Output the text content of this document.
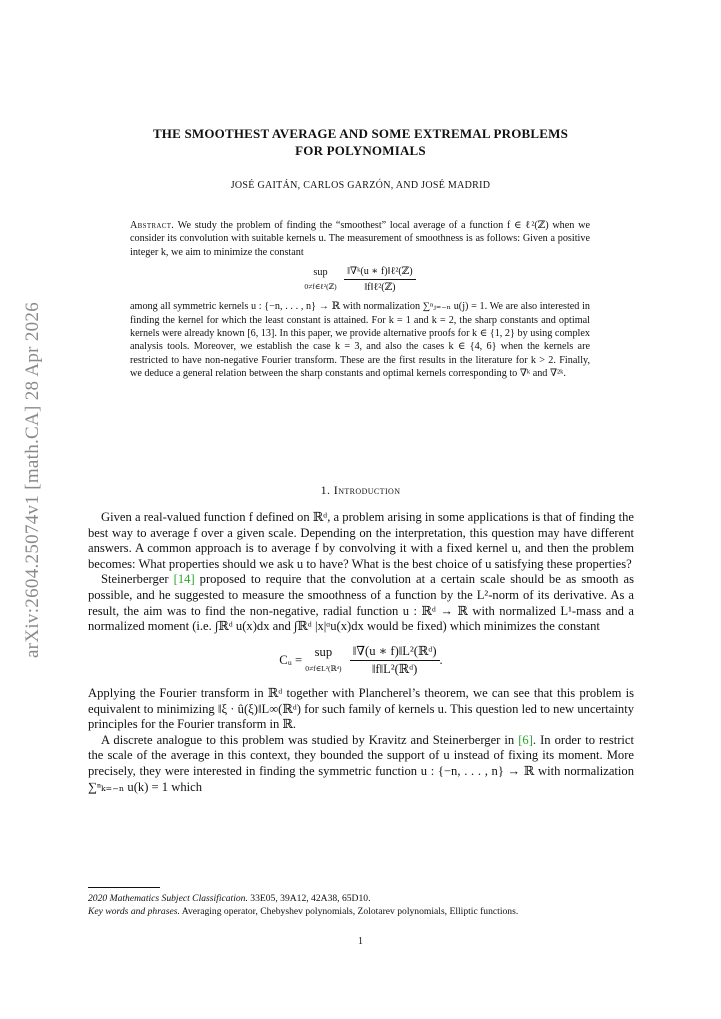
arXiv:2604.25074v1 [math.CA] 28 Apr 2026
THE SMOOTHEST AVERAGE AND SOME EXTREMAL PROBLEMS
FOR POLYNOMIALS
JOSÉ GAITÁN, CARLOS GARZÓN, AND JOSÉ MADRID
Abstract. We study the problem of finding the “smoothest” local average of a function f ∈ ℓ²(ℤ) when we consider its convolution with suitable kernels u. The measurement of smoothness is as follows: Given a positive integer k, we aim to minimize the constant
sup
0≠f∈ℓ²(ℤ)
$\frac{\text{‖∇ᵏ(u ∗ f)‖ℓ²(ℤ)}}{\text{‖f‖ℓ²(ℤ)}}$
among all symmetric kernels u : {−n, . . . , n} → ℝ with normalization ∑ⁿⱼ₌₋ₙ u(j) = 1. We are also interested in finding the kernel for which the least constant is attained. For k = 1 and k = 2, the sharp constants and optimal kernels were already known [6, 13]. In this paper, we provide alternative proofs for k ∈ {1, 2} by using complex analysis tools. Moreover, we establish the case k = 3, and also the cases k ∈ {4, 6} when the kernels are restricted to have non-negative Fourier transform. These are the first results in the literature for k > 2. Finally, we deduce a general relation between the sharp constants and optimal kernels corresponding to ∇ᵏ and ∇²ᵏ.
1. Introduction

Given a real-valued function f defined on ℝᵈ, a problem arising in some applications is that of finding the best way to average f over a given scale. Depending on the interpretation, this question may have different answers. A common approach is to average f by convolving it with a fixed kernel u, and then the problem becomes: What properties should we ask u to have? What is the best choice of u satisfying these properties?

Steinerberger [14] proposed to require that the convolution at a certain scale should be as smooth as possible, and he suggested to measure the smoothness of a function by the L²-norm of its derivative. As a result, the aim was to find the non-negative, radial function u : ℝᵈ → ℝ with normalized L¹-mass and a normalized moment (i.e. ∫ℝᵈ u(x)dx and ∫ℝᵈ |x|ᵅu(x)dx would be fixed) which minimizes the constant

Cᵤ =
sup
0≠f∈L²(ℝᵈ)
$\frac{\text{‖∇(u ∗ f)‖L²(ℝᵈ)}}{\text{‖f‖L²(ℝᵈ)}}$ .

Applying the Fourier transform in ℝᵈ together with Plancherel’s theorem, we can see that this problem is equivalent to minimizing ‖ξ · û(ξ)‖L∞(ℝᵈ) for such family of kernels u. This question led to new uncertainty principles for the Fourier transform in ℝ.

A discrete analogue to this problem was studied by Kravitz and Steinerberger in [6]. In order to restrict the scale of the average in this context, they bounded the support of u instead of fixing its moment. More precisely, they were interested in finding the symmetric function u : {−n, . . . , n} → ℝ with normalization ∑ⁿₖ₌₋ₙ u(k) = 1 which

2020 Mathematics Subject Classification. 33E05, 39A12, 42A38, 65D10.

Key words and phrases. Averaging operator, Chebyshev polynomials, Zolotarev polynomials, Elliptic functions.

1
